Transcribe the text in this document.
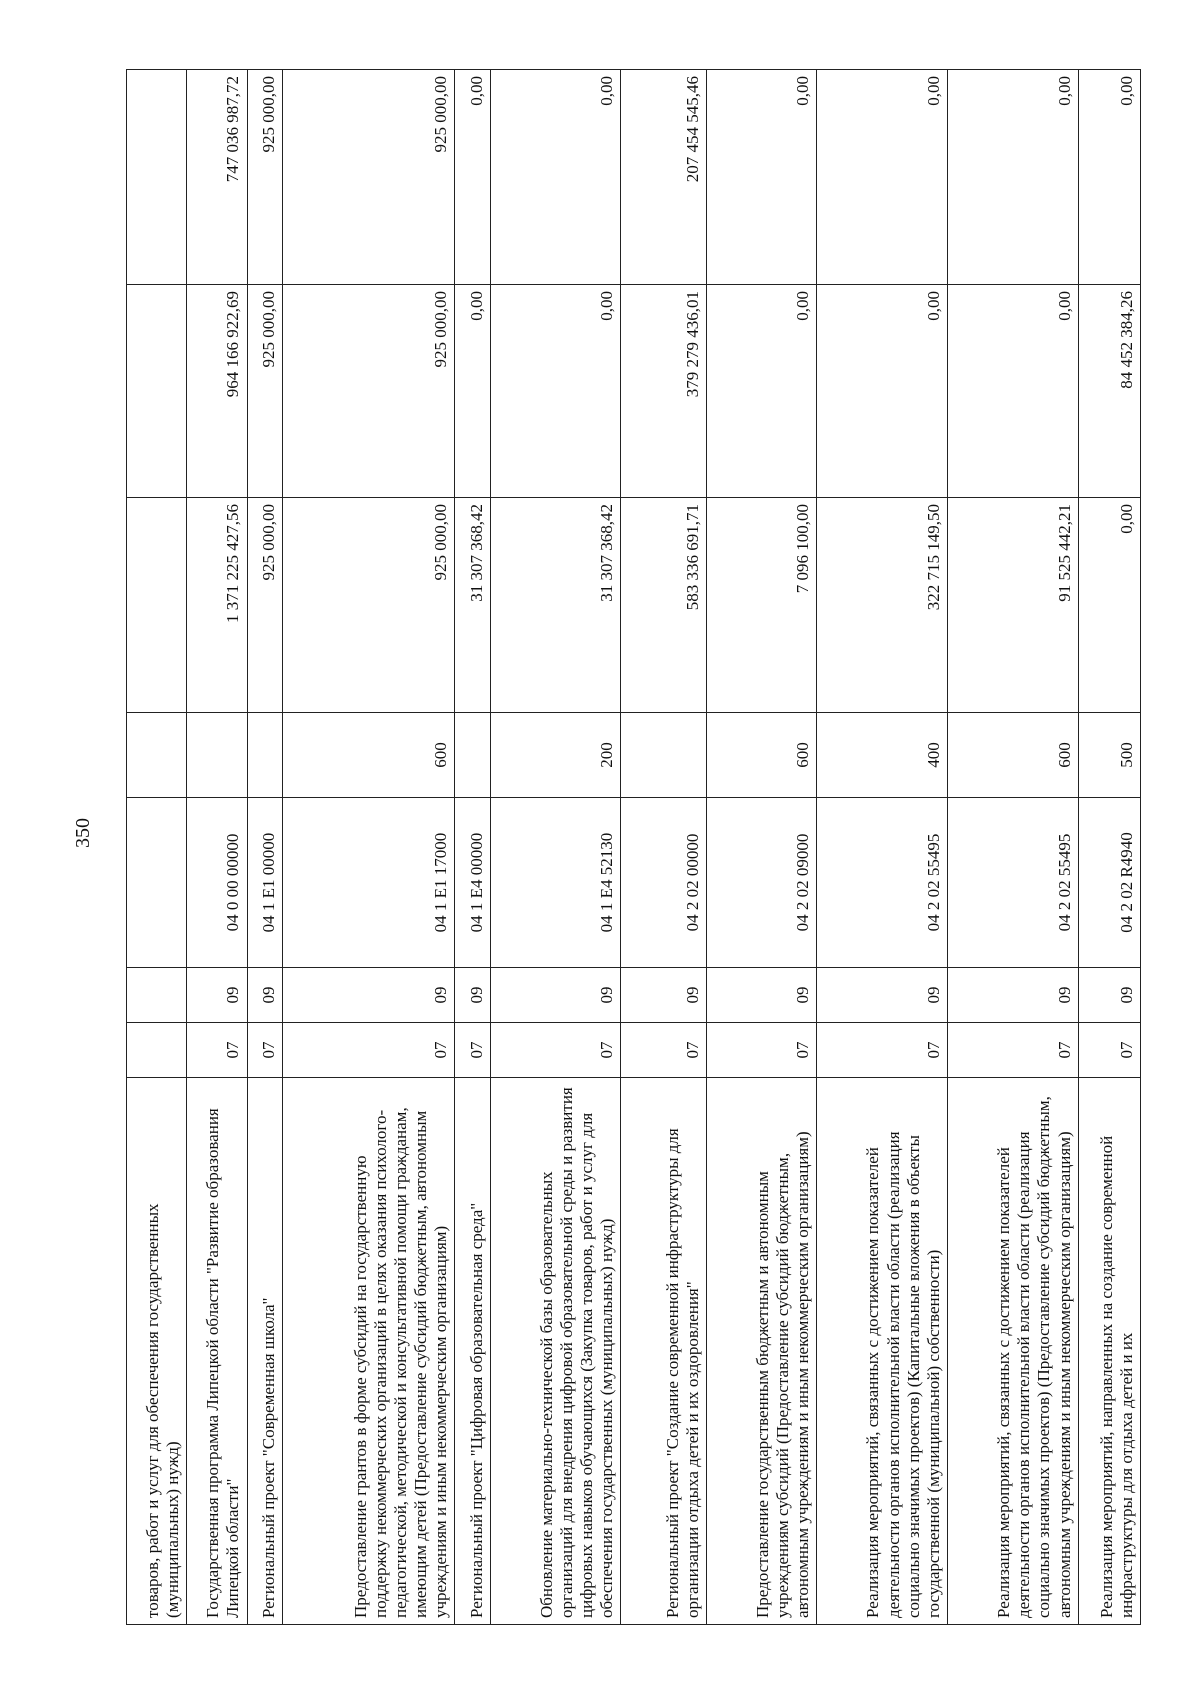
350
товаров, работ и услуг для обеспечения государственных (муниципальных) нужд)							
Государственная программа Липецкой области "Развитие образования Липецкой области"	07	09	04 0 00 00000		1 371 225 427,56	964 166 922,69	747 036 987,72
Региональный проект "Современная школа"	07	09	04 1 E1 00000		925 000,00	925 000,00	925 000,00
Предоставление грантов в форме субсидий на государственную поддержку некоммерческих организаций в целях оказания психолого-педагогической, методической и консультативной помощи гражданам, имеющим детей (Предоставление субсидий бюджетным, автономным учреждениям и иным некоммерческим организациям)	07	09	04 1 E1 17000	600	925 000,00	925 000,00	925 000,00
Региональный проект "Цифровая образовательная среда"	07	09	04 1 E4 00000		31 307 368,42	0,00	0,00
Обновление материально-технической базы образовательных организаций для внедрения цифровой образовательной среды и развития цифровых навыков обучающихся (Закупка товаров, работ и услуг для обеспечения государственных (муниципальных) нужд)	07	09	04 1 E4 52130	200	31 307 368,42	0,00	0,00
Региональный проект "Создание современной инфраструктуры для организации отдыха детей и их оздоровления"	07	09	04 2 02 00000		583 336 691,71	379 279 436,01	207 454 545,46
Предоставление государственным бюджетным и автономным учреждениям субсидий (Предоставление субсидий бюджетным, автономным учреждениям и иным некоммерческим организациям)	07	09	04 2 02 09000	600	7 096 100,00	0,00	0,00
Реализация мероприятий, связанных с достижением показателей деятельности органов исполнительной власти области (реализация социально значимых проектов) (Капитальные вложения в объекты государственной (муниципальной) собственности)	07	09	04 2 02 55495	400	322 715 149,50	0,00	0,00
Реализация мероприятий, связанных с достижением показателей деятельности органов исполнительной власти области (реализация социально значимых проектов) (Предоставление субсидий бюджетным, автономным учреждениям и иным некоммерческим организациям)	07	09	04 2 02 55495	600	91 525 442,21	0,00	0,00
Реализация мероприятий, направленных на создание современной инфраструктуры для отдыха детей и их	07	09	04 2 02 R4940	500	0,00	84 452 384,26	0,00
